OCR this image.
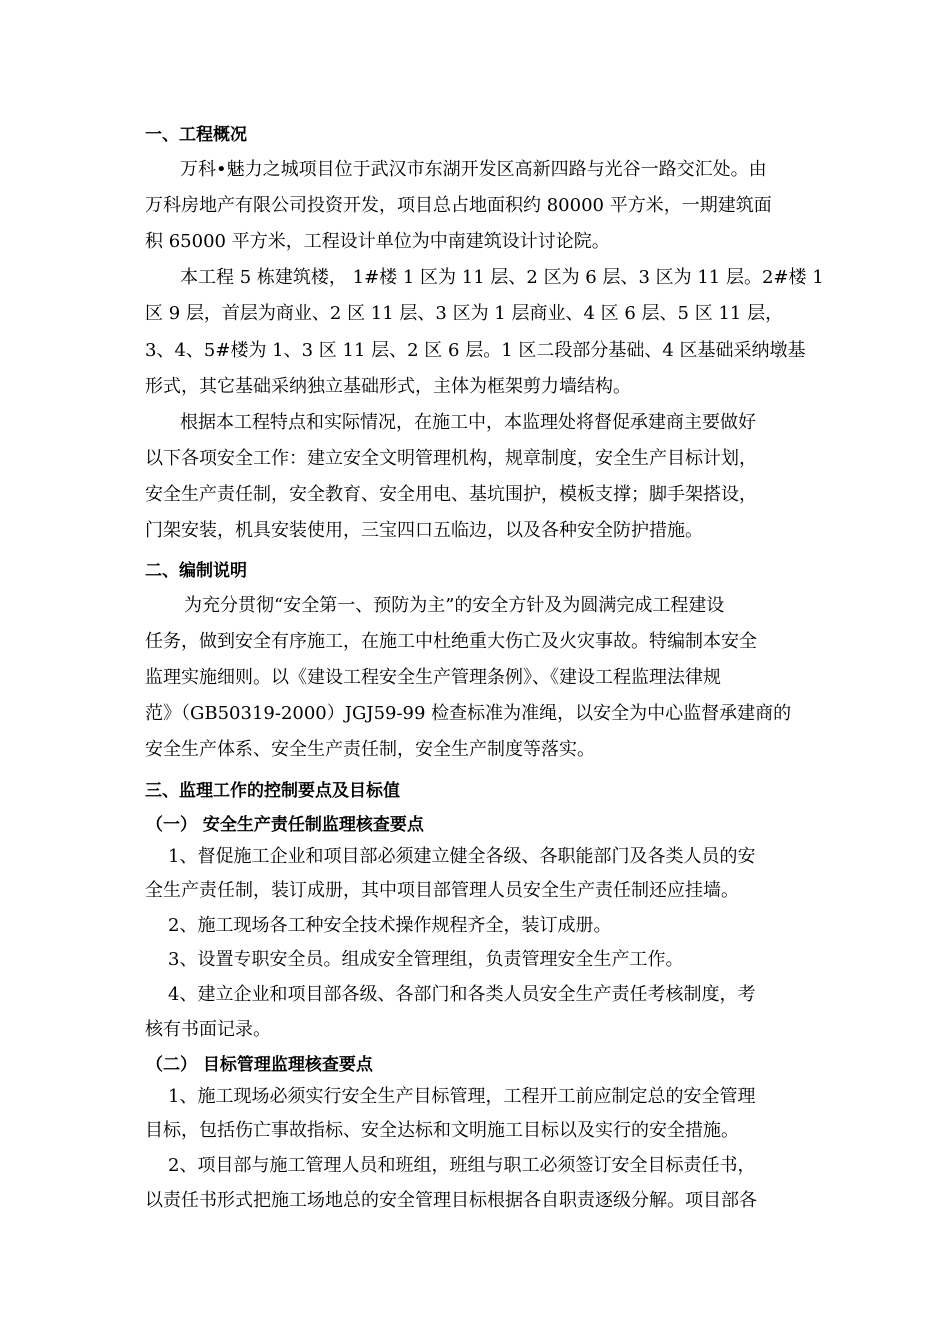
一、工程概况
万科•魅力之城项目位于武汉市东湖开发区高新四路与光谷一路交汇处。由
万科房地产有限公司投资开发，项目总占地面积约 80000 平方米，一期建筑面
积 65000 平方米，工程设计单位为中南建筑设计讨论院。
本工程 5 栋建筑楼， 1#楼 1 区为 11 层、2 区为 6 层、3 区为 11 层。2#楼 1
区 9 层，首层为商业、2 区 11 层、3 区为 1 层商业、4 区 6 层、5 区 11 层，
3、4、5#楼为 1、3 区 11 层、2 区 6 层。1 区二段部分基础、4 区基础采纳墩基
形式，其它基础采纳独立基础形式，主体为框架剪力墙结构。
根据本工程特点和实际情况，在施工中，本监理处将督促承建商主要做好
以下各项安全工作：建立安全文明管理机构，规章制度，安全生产目标计划，
安全生产责任制，安全教育、安全用电、基坑围护，模板支撑；脚手架搭设，
门架安装，机具安装使用，三宝四口五临边，以及各种安全防护措施。
二、编制说明
为充分贯彻“安全第一、预防为主”的安全方针及为圆满完成工程建设
任务，做到安全有序施工，在施工中杜绝重大伤亡及火灾事故。特编制本安全
监理实施细则。以《建设工程安全生产管理条例》、《建设工程监理法律规
范》（GB50319-2000）JGJ59-99 检查标准为准绳，以安全为中心监督承建商的
安全生产体系、安全生产责任制，安全生产制度等落实。
三、监理工作的控制要点及目标值
（一） 安全生产责任制监理核查要点
1、督促施工企业和项目部必须建立健全各级、各职能部门及各类人员的安
全生产责任制，装订成册，其中项目部管理人员安全生产责任制还应挂墙。
2、施工现场各工种安全技术操作规程齐全，装订成册。
3、设置专职安全员。组成安全管理组，负责管理安全生产工作。
4、建立企业和项目部各级、各部门和各类人员安全生产责任考核制度，考
核有书面记录。
（二） 目标管理监理核查要点
1、施工现场必须实行安全生产目标管理，工程开工前应制定总的安全管理
目标，包括伤亡事故指标、安全达标和文明施工目标以及实行的安全措施。
2、项目部与施工管理人员和班组，班组与职工必须签订安全目标责任书，
以责任书形式把施工场地总的安全管理目标根据各自职责逐级分解。项目部各
